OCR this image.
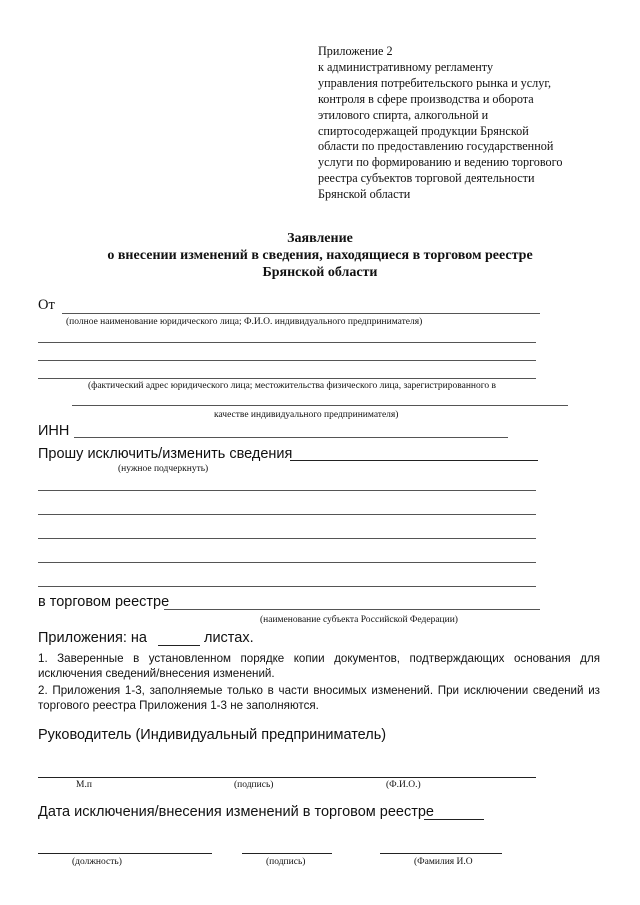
Приложение 2
к административному регламенту
управления потребительского рынка и услуг,
контроля в сфере производства и оборота
этилового спирта, алкогольной и
спиртосодержащей продукции Брянской
области по предоставлению государственной
услуги по формированию и ведению торгового
реестра субъектов торговой деятельности
Брянской области
Заявление
о внесении изменений в сведения, находящиеся в торговом реестре
Брянской области
От
(полное наименование юридического лица; Ф.И.О. индивидуального предпринимателя)
(фактический адрес юридического лица; местожительства физического лица, зарегистрированного в
качестве индивидуального предпринимателя)
ИНН
Прошу исключить/изменить сведения
(нужное подчеркнуть)
в торговом реестре
(наименование субъекта Российской Федерации)
Приложения: на	листах.
1. Заверенные в установленном порядке копии документов, подтверждающих основания для исключения сведений/внесения изменений.
2. Приложения 1-3, заполняемые только в части вносимых изменений. При исключении сведений из торгового реестра Приложения 1-3 не заполняются.
Руководитель (Индивидуальный предприниматель)
М.п	(подпись)	(Ф.И.О.)
Дата исключения/внесения изменений в торговом реестре
(должность)	(подпись)	(Фамилия И.О
